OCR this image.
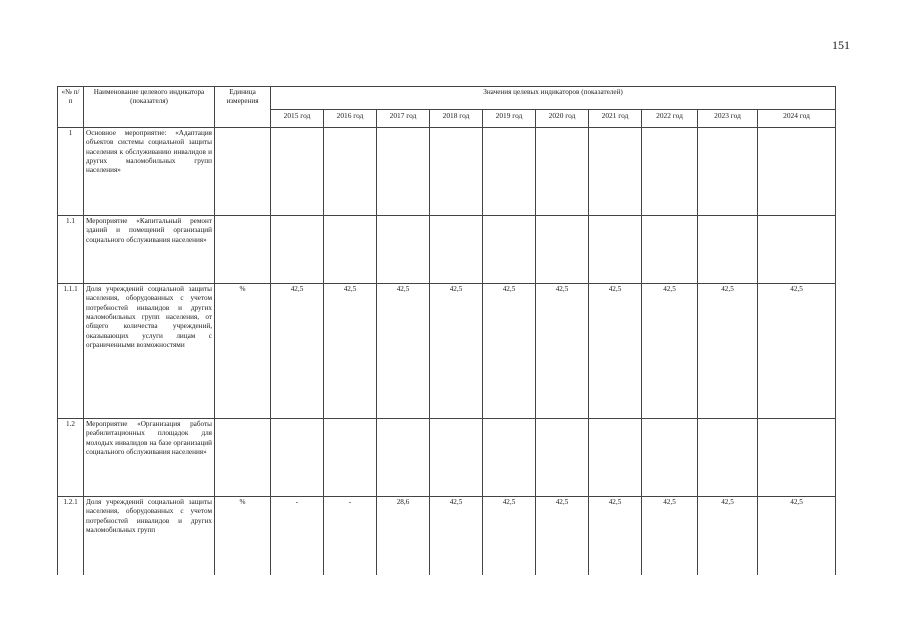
151
«№ п/п	Наименование целевого индикатора (показателя)	Единица измерения	Значения целевых индикаторов (показателей)									
			2015 год	2016 год	2017 год	2018 год	2019 год	2020 год	2021 год	2022 год	2023 год	2024 год
1	Основное мероприятие: «Адаптация объектов системы социальной защиты населения к обслуживанию инвалидов и других маломобильных групп населения»											
1.1	Мероприятие «Капитальный ремонт зданий и помещений организаций социального обслуживания населения»											
1.1.1	Доля учреждений социальной защиты населения, оборудованных с учетом потребностей инвалидов и других маломобильных групп населения, от общего количества учреждений, оказывающих услуги лицам с ограниченными возможностями	%	42,5	42,5	42,5	42,5	42,5	42,5	42,5	42,5	42,5	42,5
1.2	Мероприятие «Организация работы реабилитационных площадок для молодых инвалидов на базе организаций социального обслуживания населения»											
1.2.1	Доля учреждений социальной защиты населения, оборудованных с учетом потребностей инвалидов и других маломобильных групп	%	-	-	28,6	42,5	42,5	42,5	42,5	42,5	42,5	42,5
